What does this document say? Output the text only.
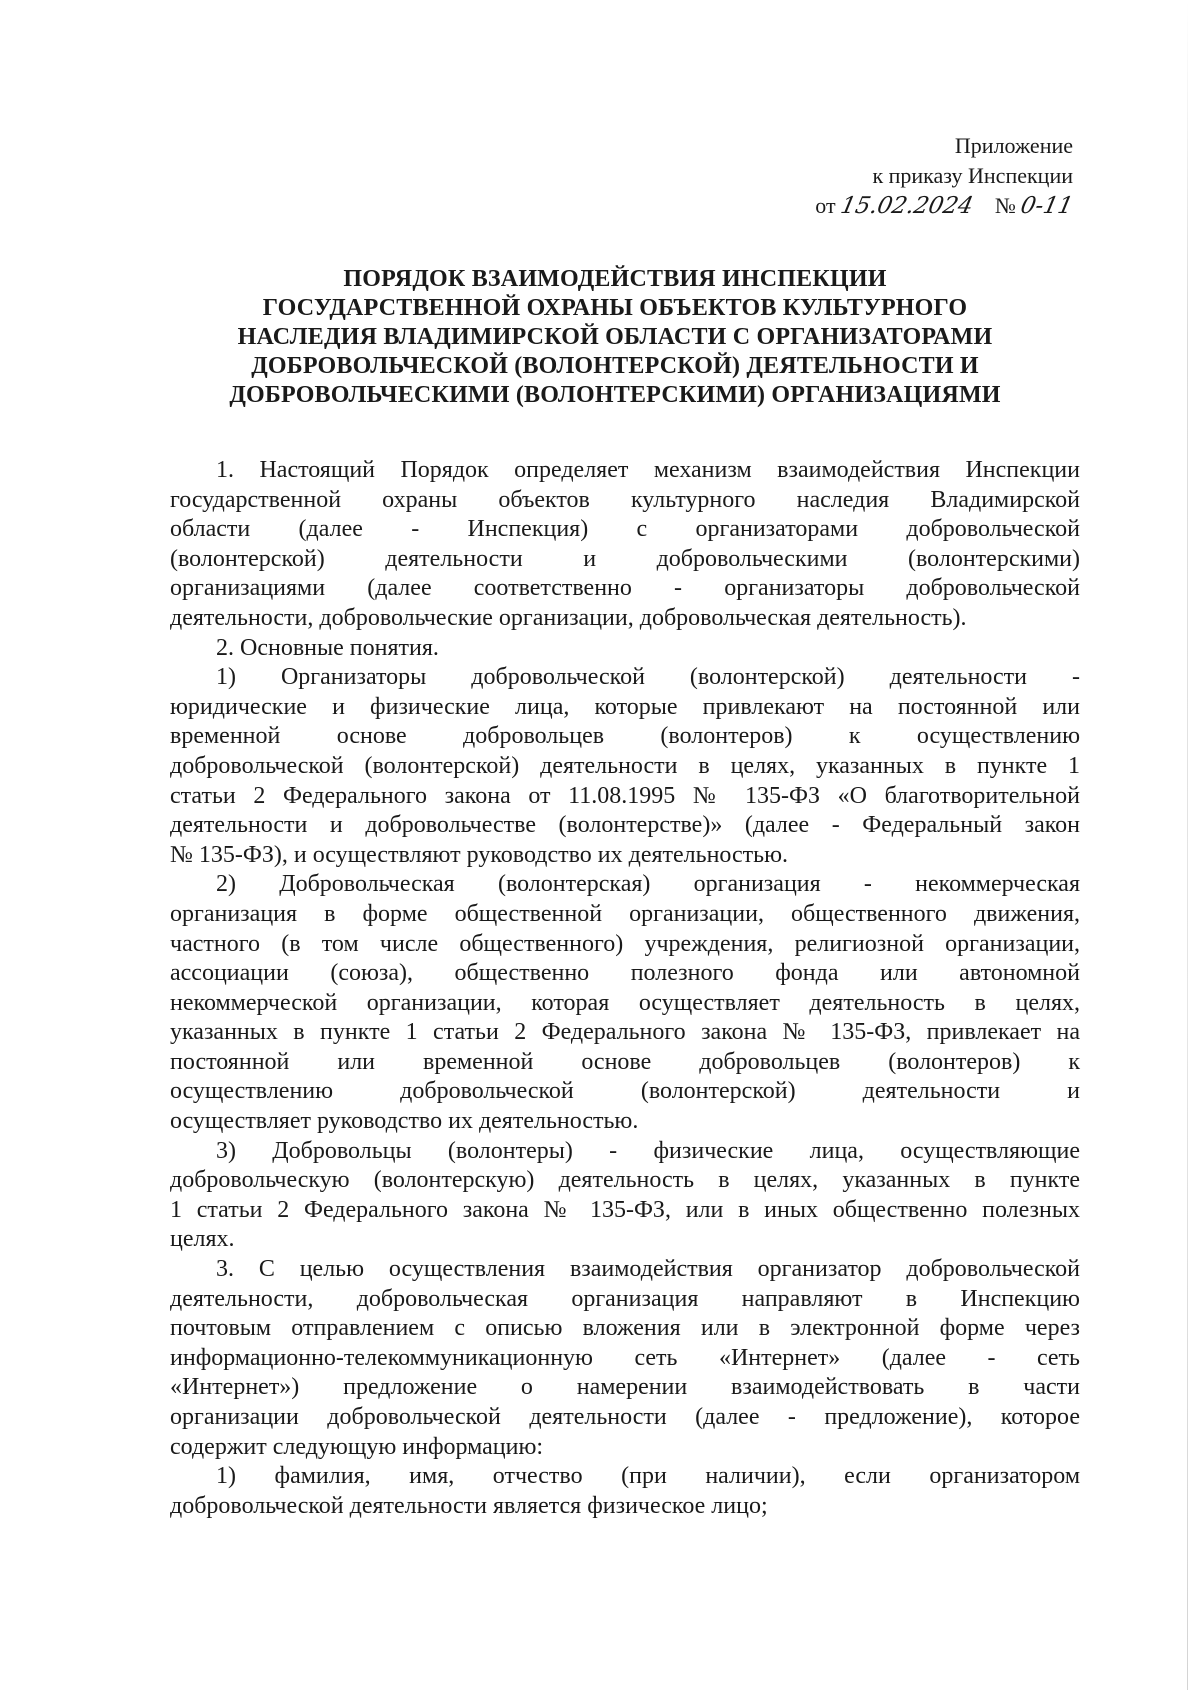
Приложение
к приказу Инспекции
от 15.02.2024 № 0-11
ПОРЯДОК ВЗАИМОДЕЙСТВИЯ ИНСПЕКЦИИ
ГОСУДАРСТВЕННОЙ ОХРАНЫ ОБЪЕКТОВ КУЛЬТУРНОГО
НАСЛЕДИЯ ВЛАДИМИРСКОЙ ОБЛАСТИ С ОРГАНИЗАТОРАМИ
ДОБРОВОЛЬЧЕСКОЙ (ВОЛОНТЕРСКОЙ) ДЕЯТЕЛЬНОСТИ И
ДОБРОВОЛЬЧЕСКИМИ (ВОЛОНТЕРСКИМИ) ОРГАНИЗАЦИЯМИ
1. Настоящий Порядок определяет механизм взаимодействия Инспекции
государственной охраны объектов культурного наследия Владимирской
области (далее - Инспекция) с организаторами добровольческой
(волонтерской) деятельности и добровольческими (волонтерскими)
организациями (далее соответственно - организаторы добровольческой
деятельности, добровольческие организации, добровольческая деятельность).
2. Основные понятия.
1) Организаторы добровольческой (волонтерской) деятельности -
юридические и физические лица, которые привлекают на постоянной или
временной основе добровольцев (волонтеров) к осуществлению
добровольческой (волонтерской) деятельности в целях, указанных в пункте 1
статьи 2 Федерального закона от 11.08.1995 № 135-ФЗ «О благотворительной
деятельности и добровольчестве (волонтерстве)» (далее - Федеральный закон
№ 135-ФЗ), и осуществляют руководство их деятельностью.
2) Добровольческая (волонтерская) организация - некоммерческая
организация в форме общественной организации, общественного движения,
частного (в том числе общественного) учреждения, религиозной организации,
ассоциации (союза), общественно полезного фонда или автономной
некоммерческой организации, которая осуществляет деятельность в целях,
указанных в пункте 1 статьи 2 Федерального закона № 135-ФЗ, привлекает на
постоянной или временной основе добровольцев (волонтеров) к
осуществлению добровольческой (волонтерской) деятельности и
осуществляет руководство их деятельностью.
3) Добровольцы (волонтеры) - физические лица, осуществляющие
добровольческую (волонтерскую) деятельность в целях, указанных в пункте
1 статьи 2 Федерального закона № 135-ФЗ, или в иных общественно полезных
целях.
3. С целью осуществления взаимодействия организатор добровольческой
деятельности, добровольческая организация направляют в Инспекцию
почтовым отправлением с описью вложения или в электронной форме через
информационно-телекоммуникационную сеть «Интернет» (далее - сеть
«Интернет») предложение о намерении взаимодействовать в части
организации добровольческой деятельности (далее - предложение), которое
содержит следующую информацию:
1) фамилия, имя, отчество (при наличии), если организатором
добровольческой деятельности является физическое лицо;
